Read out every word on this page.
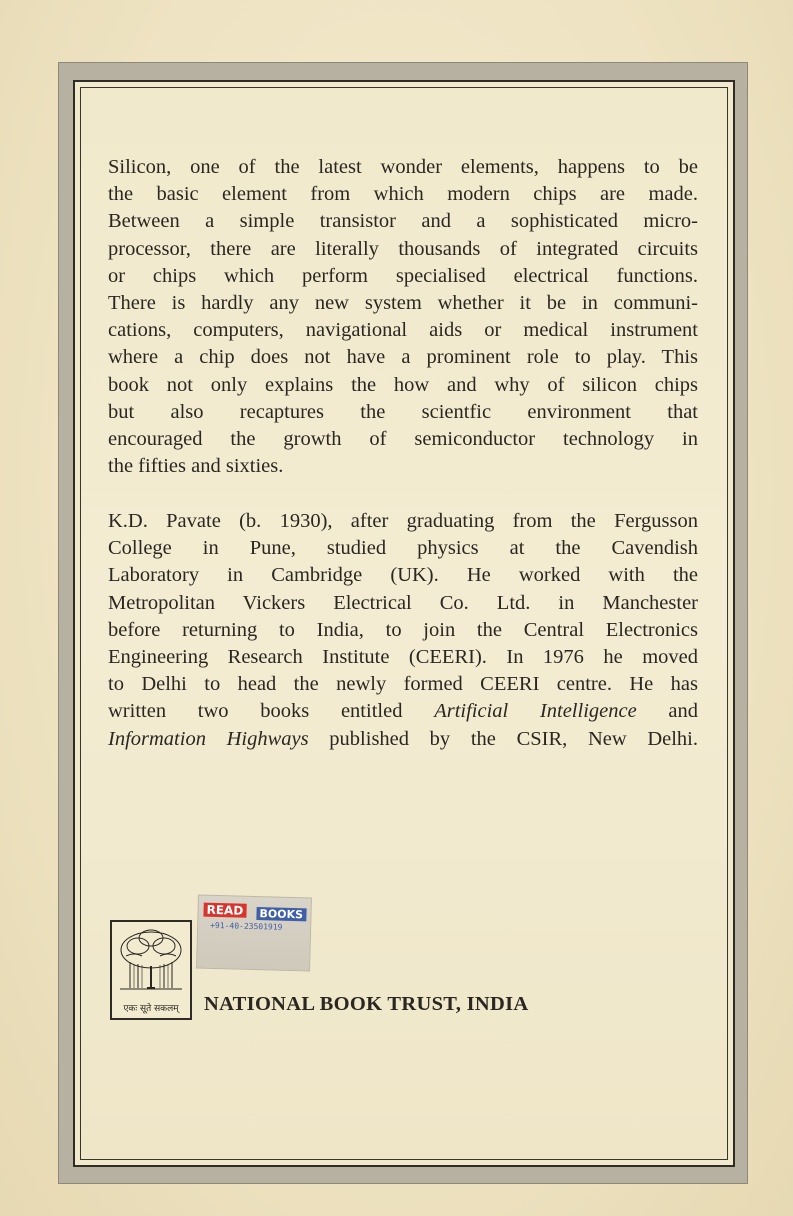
Silicon, one of the latest wonder elements, happens to be
the basic element from which modern chips are made.
Between a simple transistor and a sophisticated micro-
processor, there are literally thousands of integrated circuits
or chips which perform specialised electrical functions.
There is hardly any new system whether it be in communi-
cations, computers, navigational aids or medical instrument
where a chip does not have a prominent role to play. This
book not only explains the how and why of silicon chips
but also recaptures the scientfic environment that
encouraged the growth of semiconductor technology in
the fifties and sixties.
K.D. Pavate (b. 1930), after graduating from the Fergusson
College in Pune, studied physics at the Cavendish
Laboratory in Cambridge (UK). He worked with the
Metropolitan Vickers Electrical Co. Ltd. in Manchester
before returning to India, to join the Central Electronics
Engineering Research Institute (CEERI). In 1976 he moved
to Delhi to head the newly formed CEERI centre. He has
written two books entitled Artificial Intelligence and
Information Highways published by the CSIR, New Delhi.
READ BOOKS
+91-40-23501919
एकः सूते सकलम्	NATIONAL BOOK TRUST, INDIA
